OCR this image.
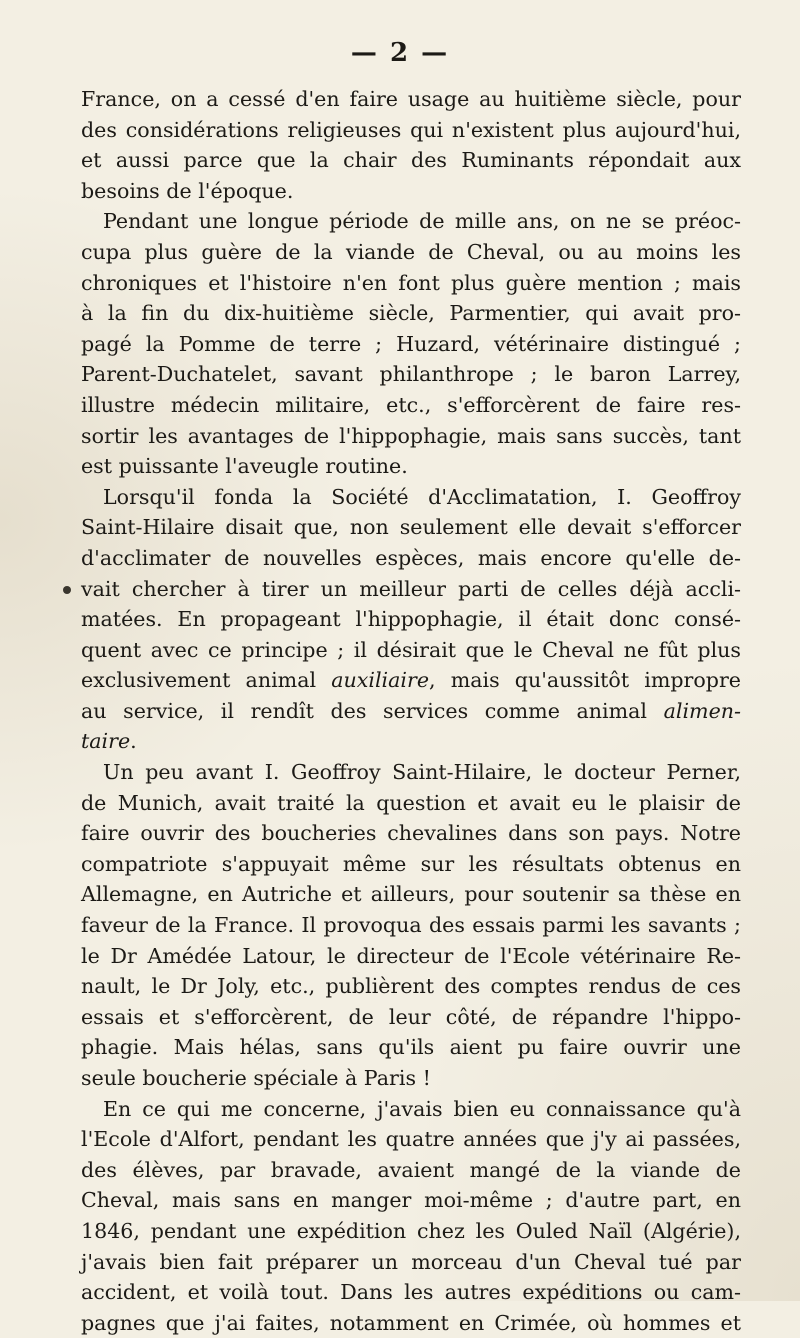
— 2 —
France, on a cessé d'en faire usage au huitième siècle, pour
des considérations religieuses qui n'existent plus aujourd'hui,
et aussi parce que la chair des Ruminants répondait aux
besoins de l'époque.
Pendant une longue période de mille ans, on ne se préoc-
cupa plus guère de la viande de Cheval, ou au moins les
chroniques et l'histoire n'en font plus guère mention ; mais
à la fin du dix-huitième siècle, Parmentier, qui avait pro-
pagé la Pomme de terre ; Huzard, vétérinaire distingué ;
Parent-Duchatelet, savant philanthrope ; le baron Larrey,
illustre médecin militaire, etc., s'efforcèrent de faire res-
sortir les avantages de l'hippophagie, mais sans succès, tant
est puissante l'aveugle routine.
Lorsqu'il fonda la Société d'Acclimatation, I. Geoffroy
Saint-Hilaire disait que, non seulement elle devait s'efforcer
d'acclimater de nouvelles espèces, mais encore qu'elle de-
vait chercher à tirer un meilleur parti de celles déjà accli-
matées. En propageant l'hippophagie, il était donc consé-
quent avec ce principe ; il désirait que le Cheval ne fût plus
exclusivement animal auxiliaire, mais qu'aussitôt impropre
au service, il rendît des services comme animal alimen-
taire.
Un peu avant I. Geoffroy Saint-Hilaire, le docteur Perner,
de Munich, avait traité la question et avait eu le plaisir de
faire ouvrir des boucheries chevalines dans son pays. Notre
compatriote s'appuyait même sur les résultats obtenus en
Allemagne, en Autriche et ailleurs, pour soutenir sa thèse en
faveur de la France. Il provoqua des essais parmi les savants ;
le Dr Amédée Latour, le directeur de l'Ecole vétérinaire Re-
nault, le Dr Joly, etc., publièrent des comptes rendus de ces
essais et s'efforcèrent, de leur côté, de répandre l'hippo-
phagie. Mais hélas, sans qu'ils aient pu faire ouvrir une
seule boucherie spéciale à Paris !
En ce qui me concerne, j'avais bien eu connaissance qu'à
l'Ecole d'Alfort, pendant les quatre années que j'y ai passées,
des élèves, par bravade, avaient mangé de la viande de
Cheval, mais sans en manger moi-même ; d'autre part, en
1846, pendant une expédition chez les Ouled Naïl (Algérie),
j'avais bien fait préparer un morceau d'un Cheval tué par
accident, et voilà tout. Dans les autres expéditions ou cam-
pagnes que j'ai faites, notamment en Crimée, où hommes et
